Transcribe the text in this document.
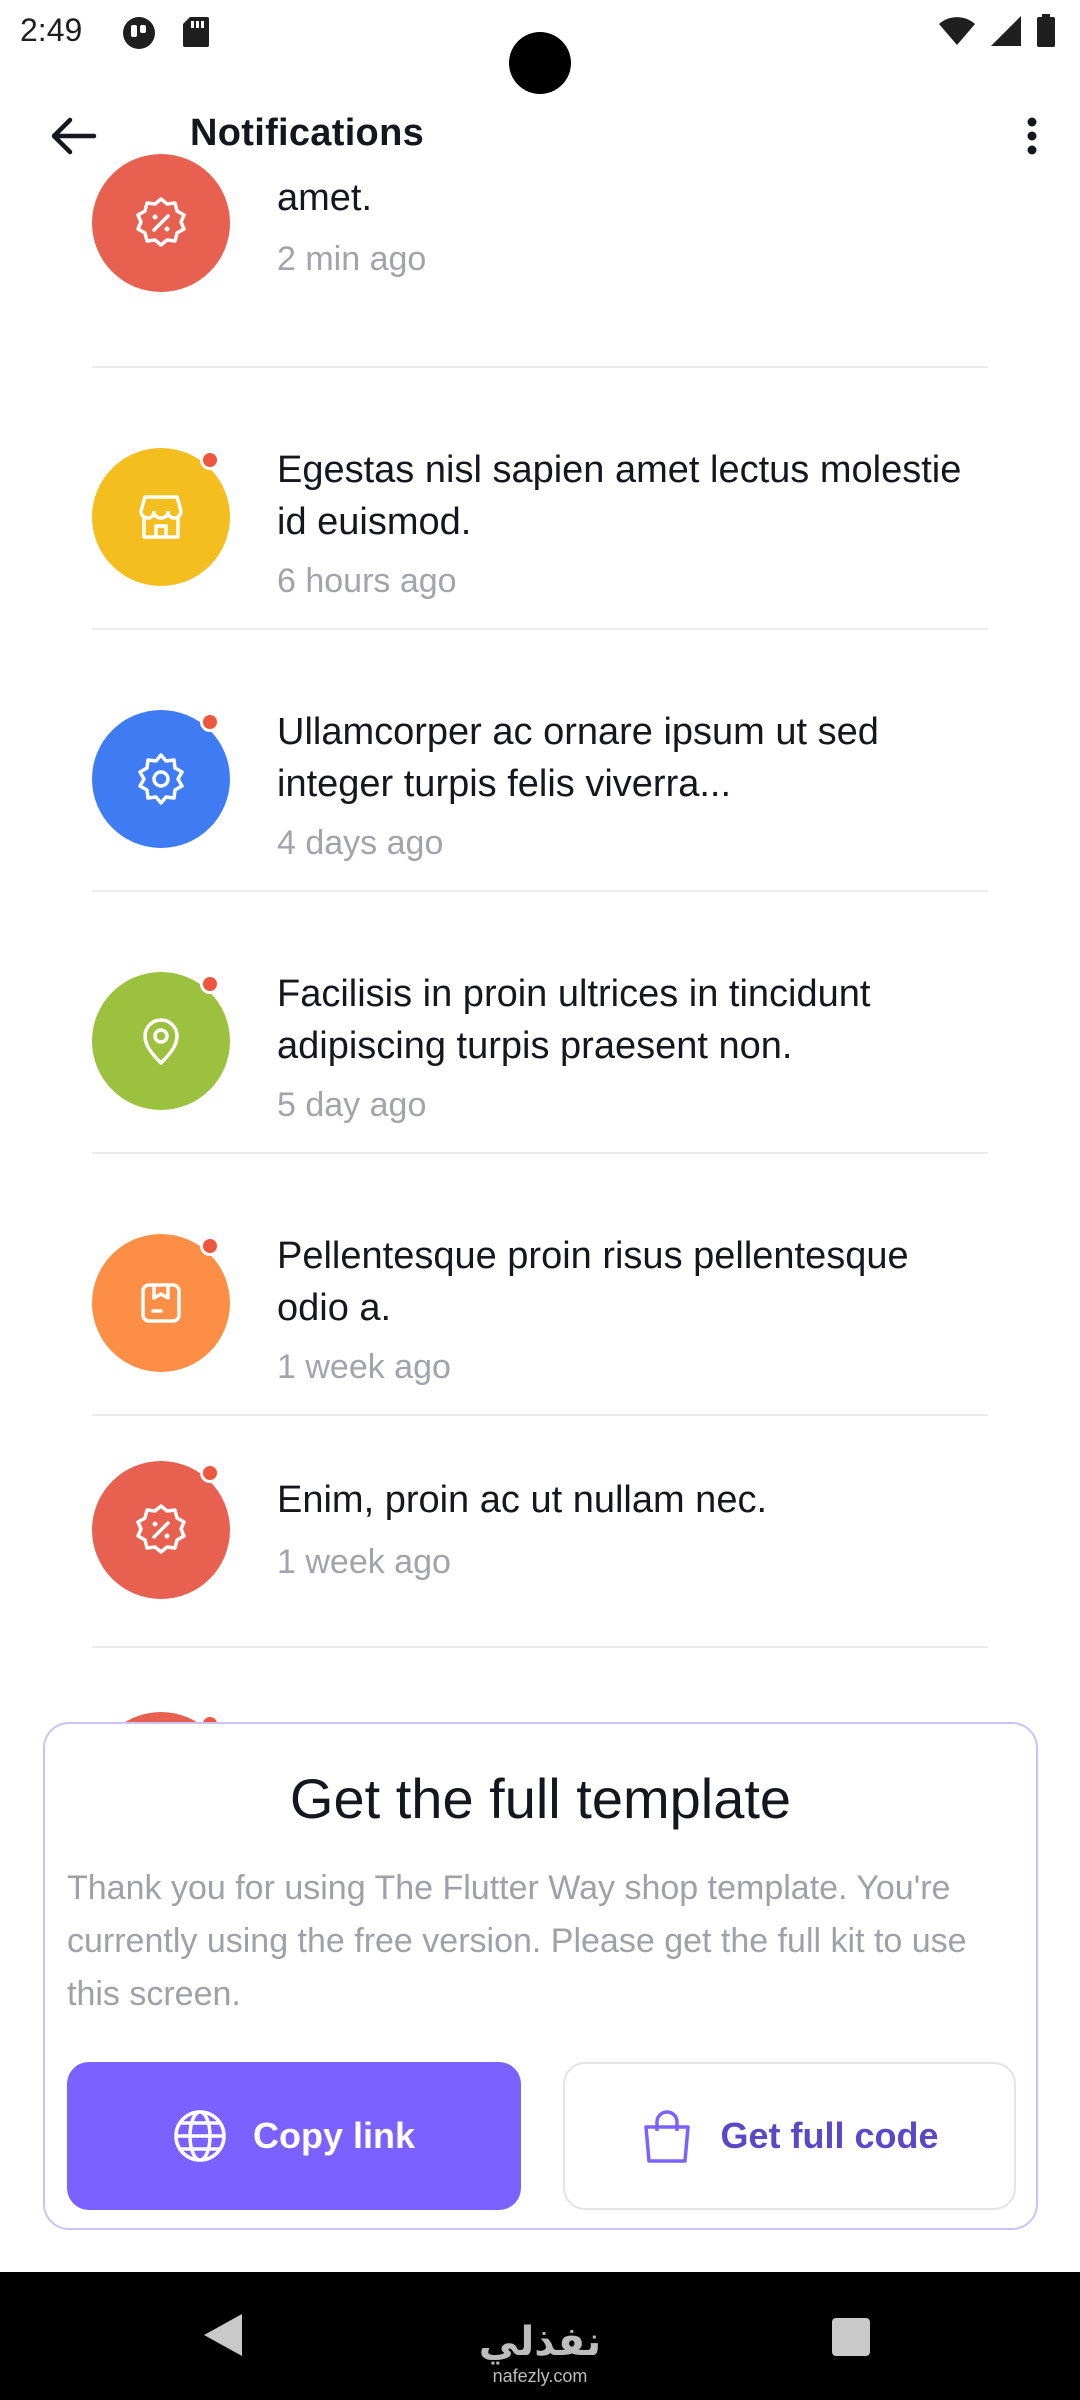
2:49
Notifications
amet.
2 min ago
Egestas nisl sapien amet lectus molestie id euismod.
6 hours ago
Ullamcorper ac ornare ipsum ut sed integer turpis felis viverra...
4 days ago
Facilisis in proin ultrices in tincidunt adipiscing turpis praesent non.
5 day ago
Pellentesque proin risus pellentesque odio a.
1 week ago
Enim, proin ac ut nullam nec.
1 week ago
Get the full template
Thank you for using The Flutter Way shop template. You're currently using the free version. Please get the full kit to use this screen.
Copy link	Get full code
نفذلي
nafezly.com
